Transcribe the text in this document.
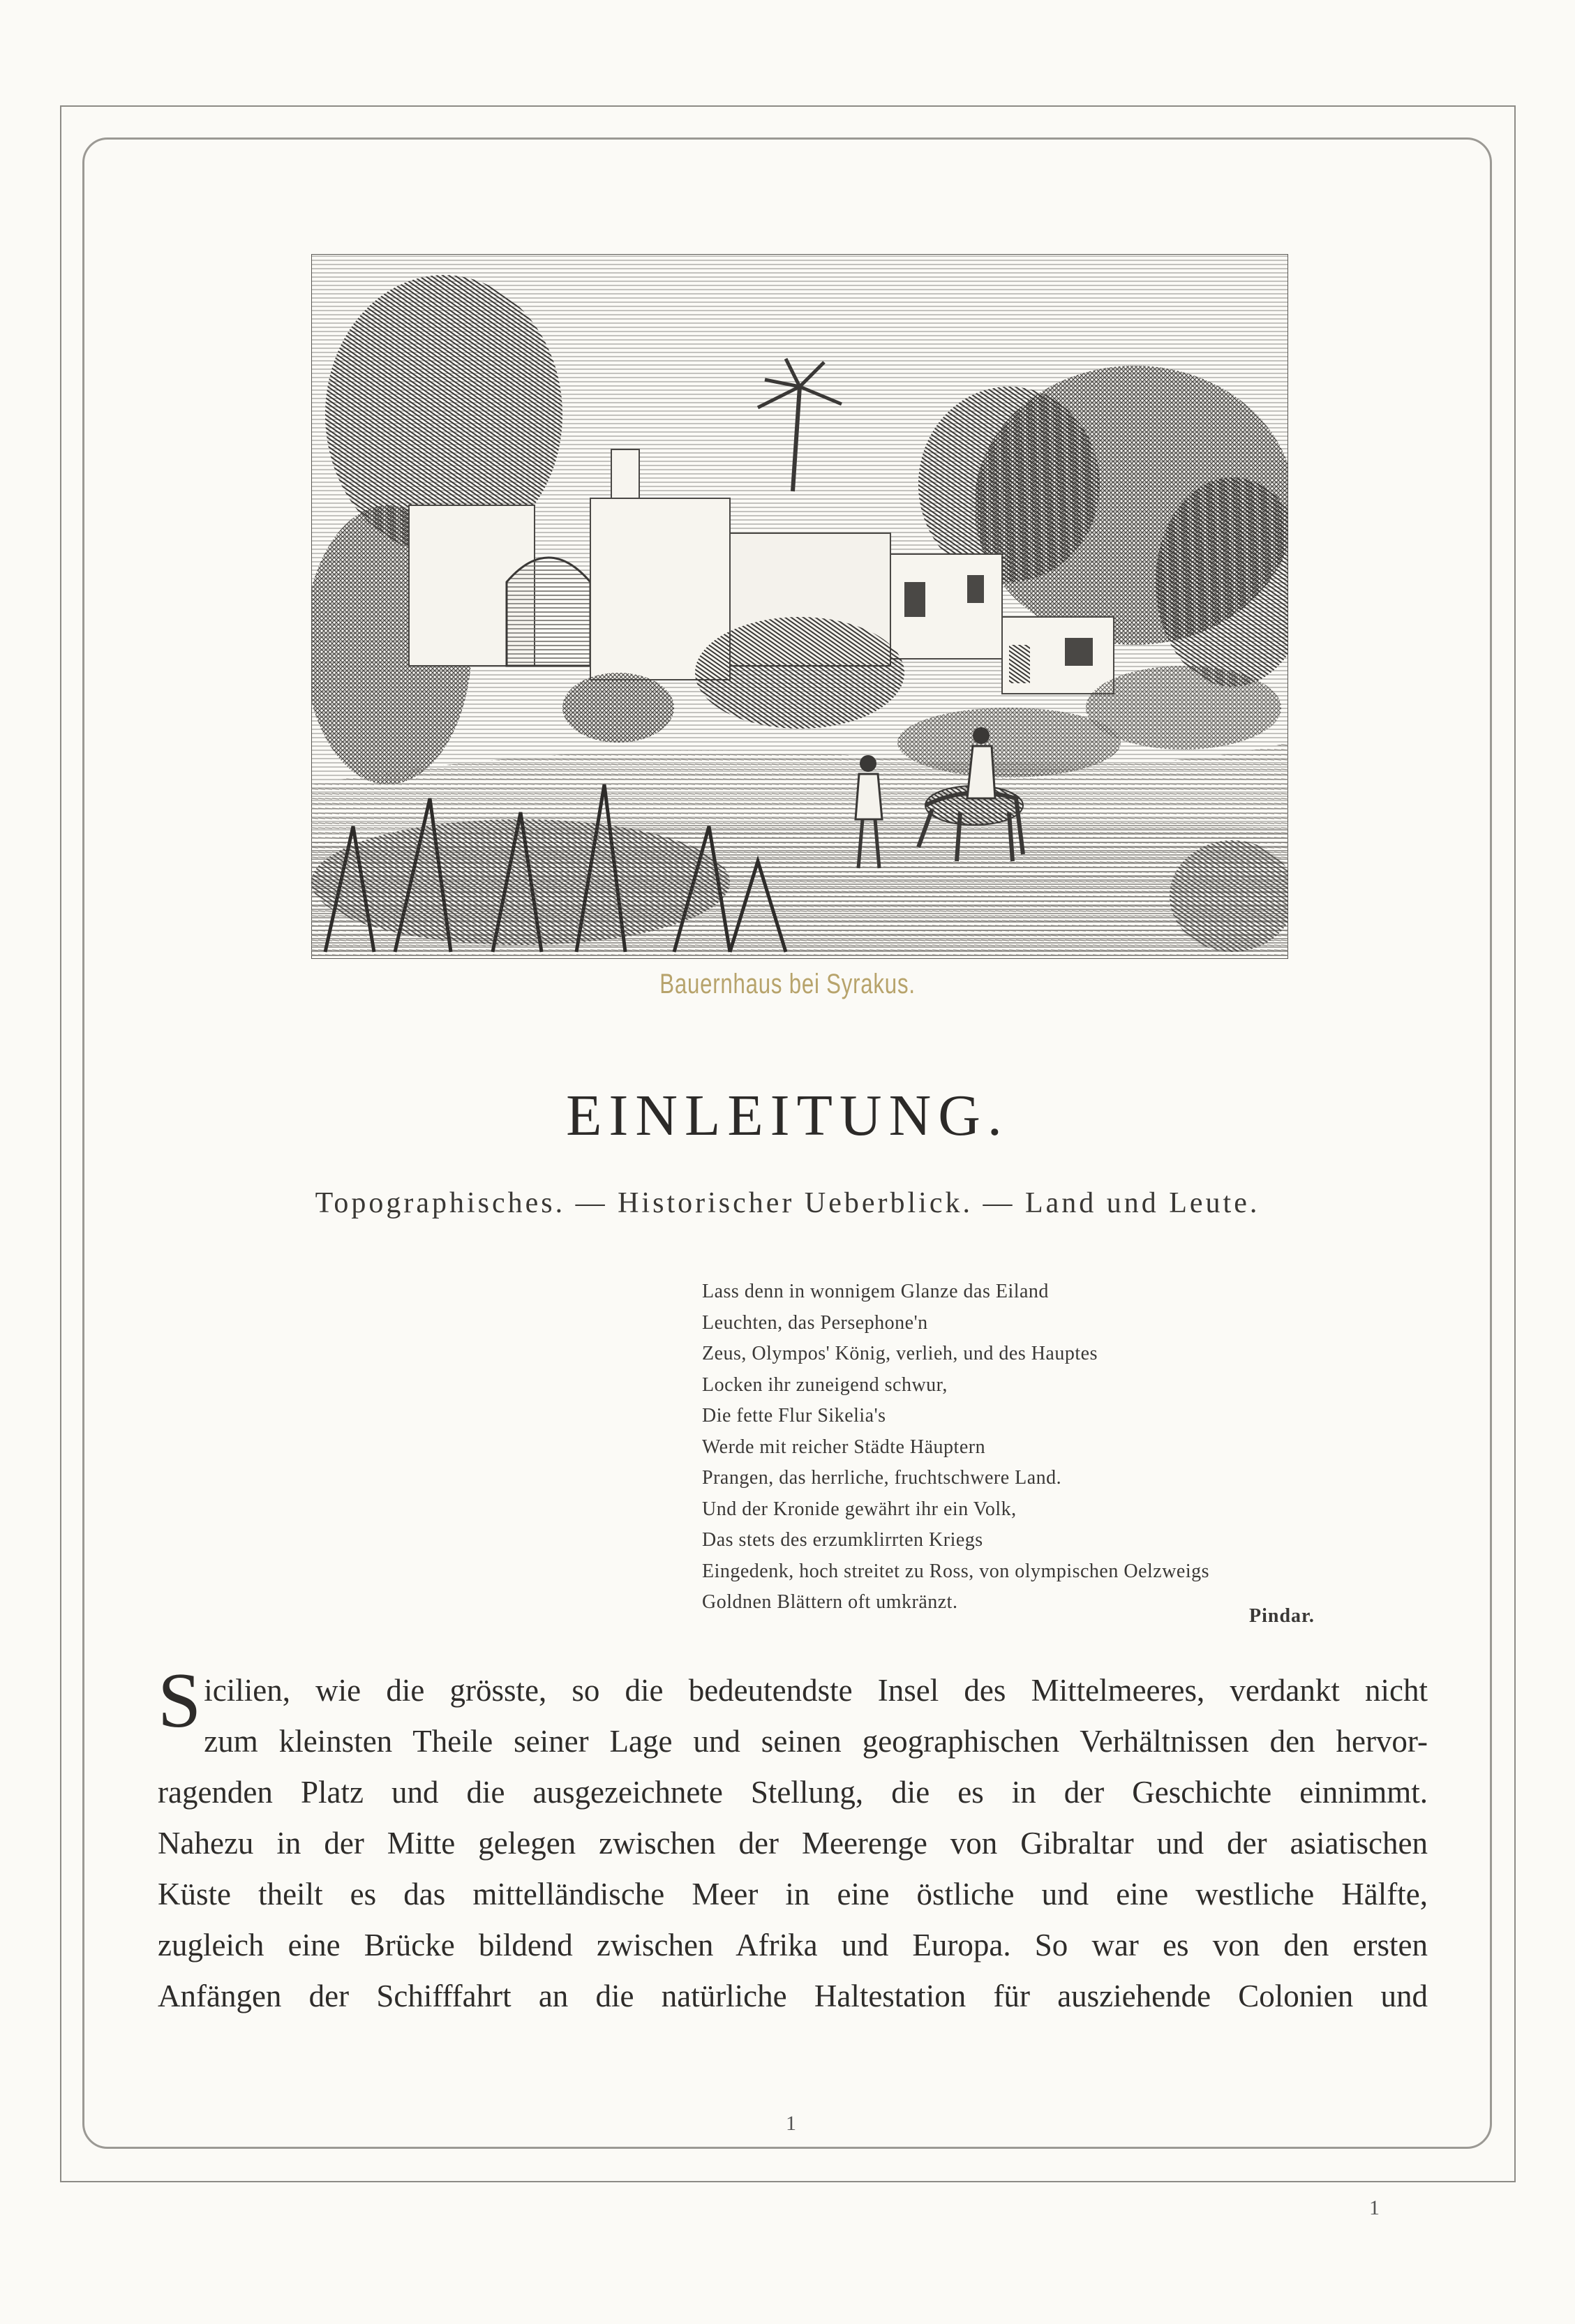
Bauernhaus bei Syrakus.
EINLEITUNG.
Topographisches. — Historischer Ueberblick. — Land und Leute.
Lass denn in wonnigem Glanze das Eiland
Leuchten, das Persephone'n
Zeus, Olympos' König, verlieh, und des Hauptes
Locken ihr zuneigend schwur,
Die fette Flur Sikelia's
Werde mit reicher Städte Häuptern
Prangen, das herrliche, fruchtschwere Land.
Und der Kronide gewährt ihr ein Volk,
Das stets des erzumklirrten Kriegs
Eingedenk, hoch streitet zu Ross, von olympischen Oelzweigs
Goldnen Blättern oft umkränzt.
Pindar.
Sicilien, wie die grösste, so die bedeutendste Insel des Mittelmeeres, verdankt nicht
zum kleinsten Theile seiner Lage und seinen geographischen Verhältnissen den hervor-
ragenden Platz und die ausgezeichnete Stellung, die es in der Geschichte einnimmt.
Nahezu in der Mitte gelegen zwischen der Meerenge von Gibraltar und der asiatischen
Küste theilt es das mittelländische Meer in eine östliche und eine westliche Hälfte,
zugleich eine Brücke bildend zwischen Afrika und Europa. So war es von den ersten
Anfängen der Schifffahrt an die natürliche Haltestation für ausziehende Colonien und
1
1
